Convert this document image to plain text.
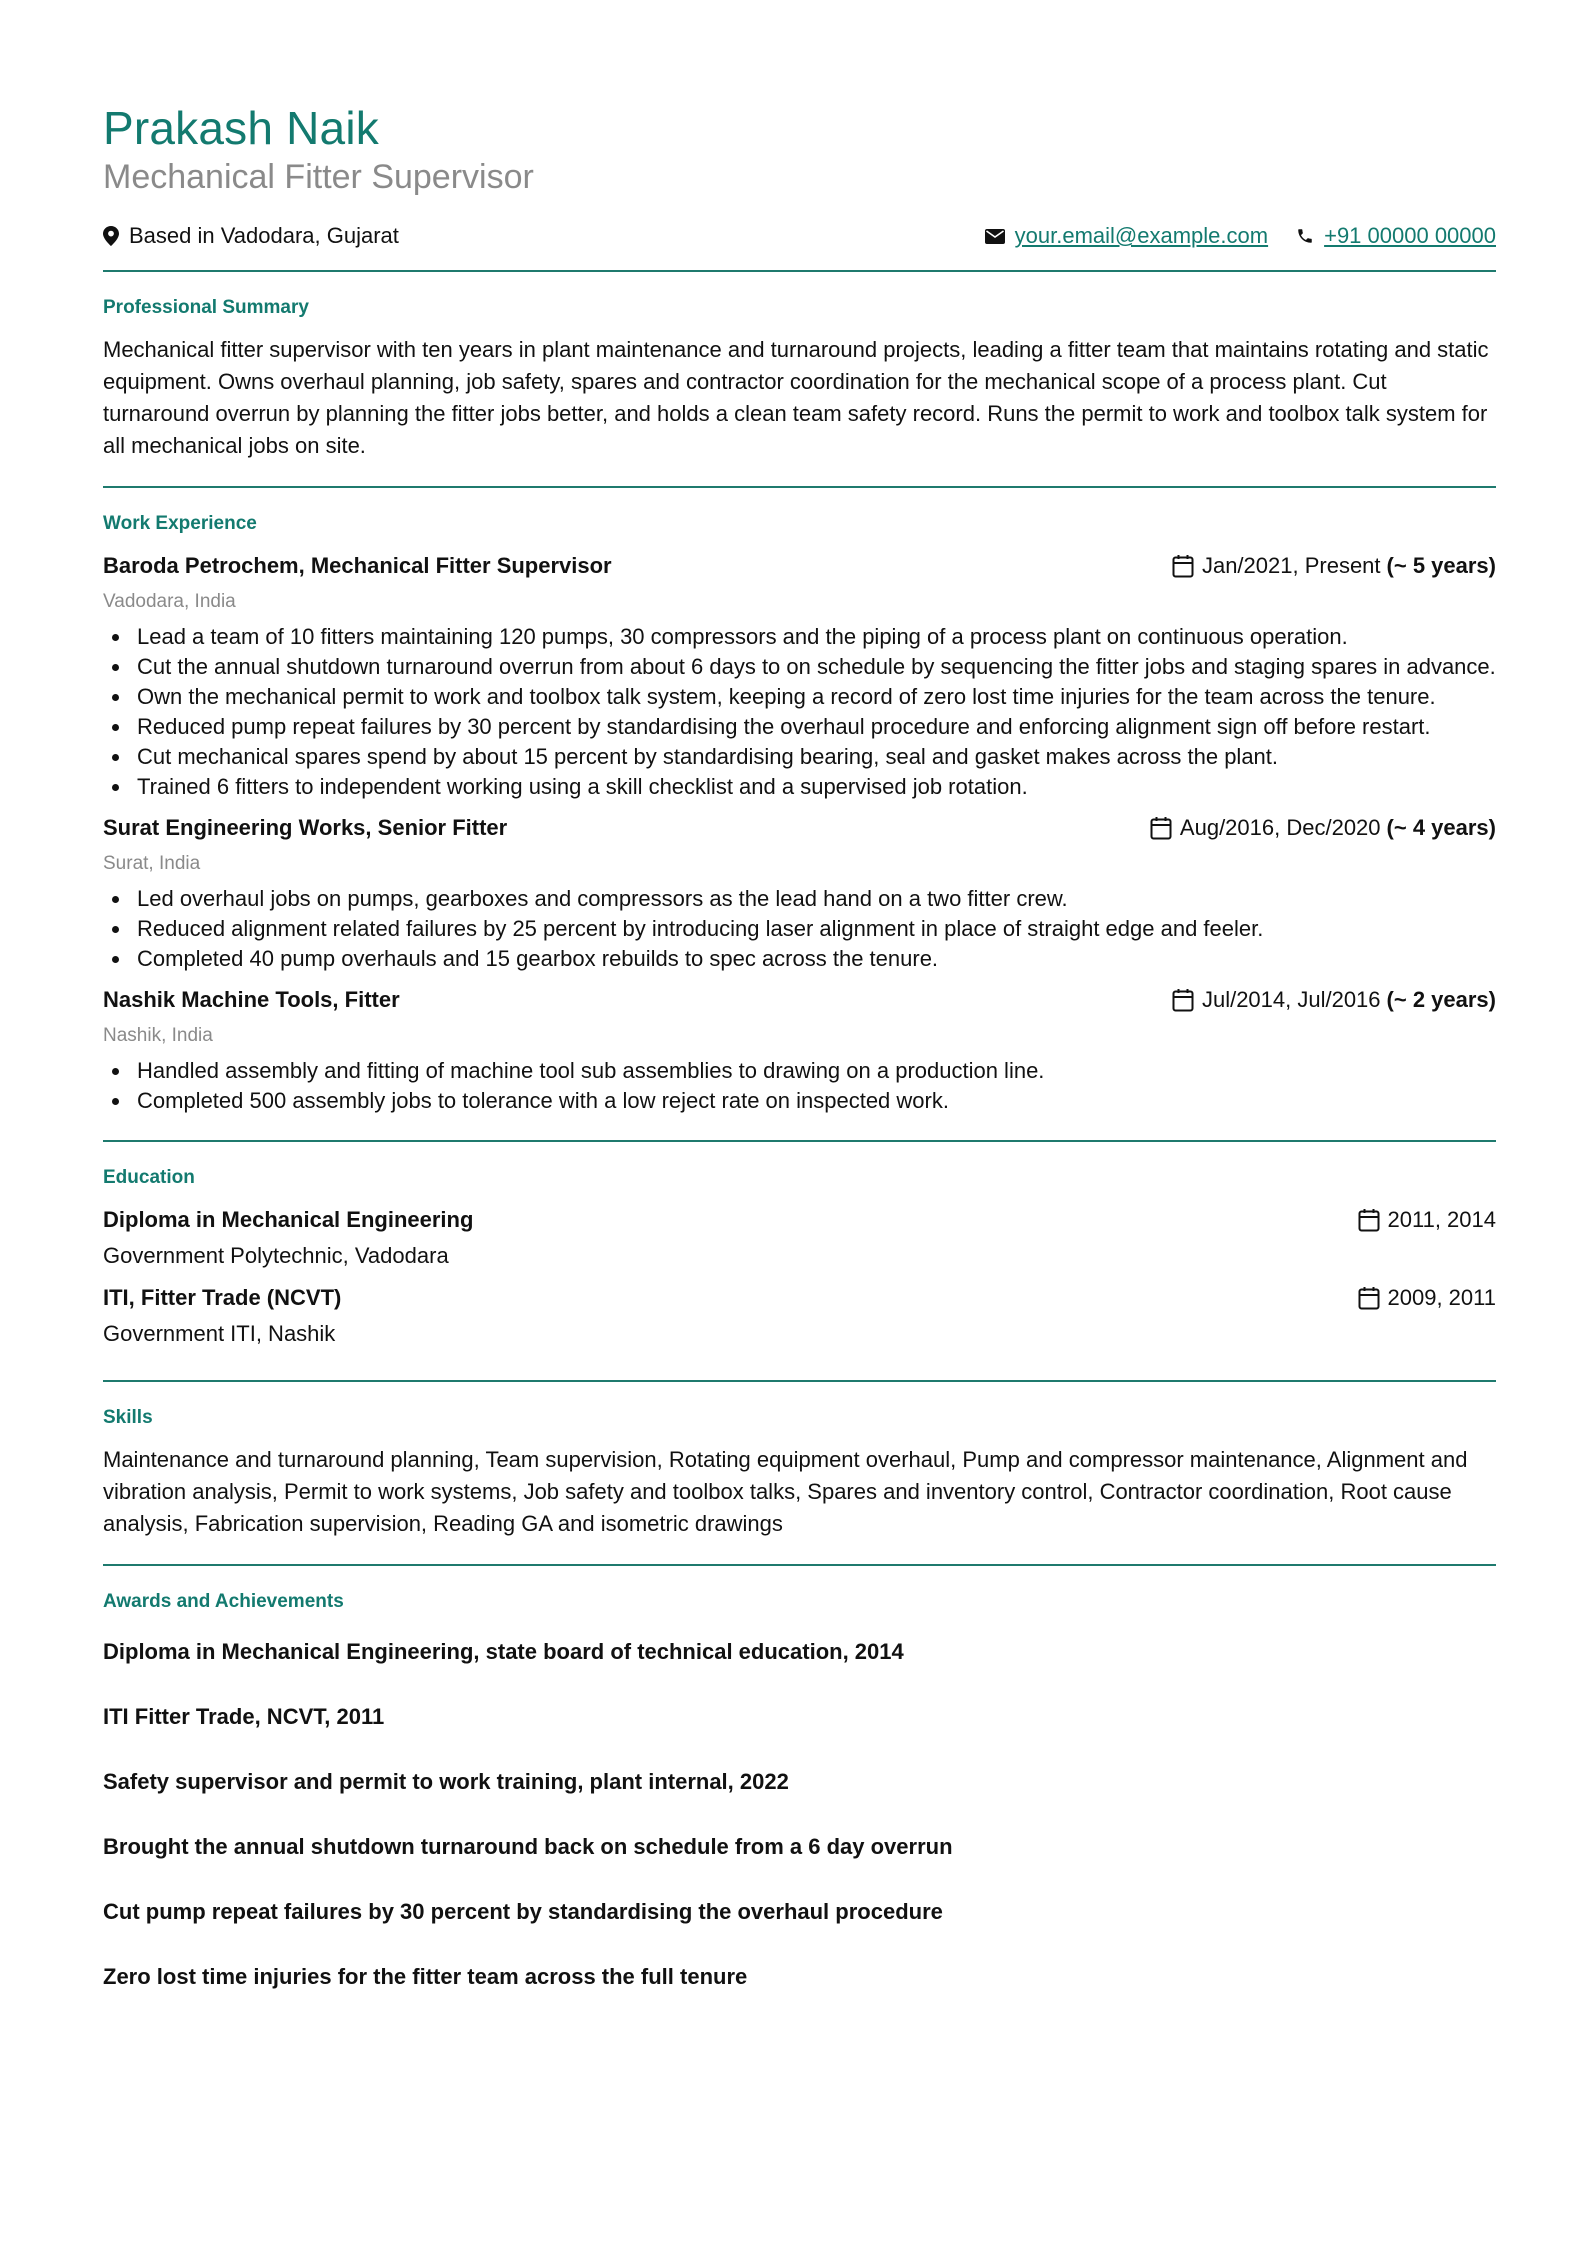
Prakash Naik
Mechanical Fitter Supervisor
Based in Vadodara, Gujarat	your.email@example.com	+91 00000 00000
Professional Summary
Mechanical fitter supervisor with ten years in plant maintenance and turnaround projects, leading a fitter team that maintains rotating and static equipment. Owns overhaul planning, job safety, spares and contractor coordination for the mechanical scope of a process plant. Cut turnaround overrun by planning the fitter jobs better, and holds a clean team safety record. Runs the permit to work and toolbox talk system for all mechanical jobs on site.
Work Experience
Baroda Petrochem, Mechanical Fitter Supervisor	Jan/2021, Present (~ 5 years)
Vadodara, India
Lead a team of 10 fitters maintaining 120 pumps, 30 compressors and the piping of a process plant on continuous operation.
Cut the annual shutdown turnaround overrun from about 6 days to on schedule by sequencing the fitter jobs and staging spares in advance.
Own the mechanical permit to work and toolbox talk system, keeping a record of zero lost time injuries for the team across the tenure.
Reduced pump repeat failures by 30 percent by standardising the overhaul procedure and enforcing alignment sign off before restart.
Cut mechanical spares spend by about 15 percent by standardising bearing, seal and gasket makes across the plant.
Trained 6 fitters to independent working using a skill checklist and a supervised job rotation.
Surat Engineering Works, Senior Fitter	Aug/2016, Dec/2020 (~ 4 years)
Surat, India
Led overhaul jobs on pumps, gearboxes and compressors as the lead hand on a two fitter crew.
Reduced alignment related failures by 25 percent by introducing laser alignment in place of straight edge and feeler.
Completed 40 pump overhauls and 15 gearbox rebuilds to spec across the tenure.
Nashik Machine Tools, Fitter	Jul/2014, Jul/2016 (~ 2 years)
Nashik, India
Handled assembly and fitting of machine tool sub assemblies to drawing on a production line.
Completed 500 assembly jobs to tolerance with a low reject rate on inspected work.
Education
Diploma in Mechanical Engineering	2011, 2014
Government Polytechnic, Vadodara
ITI, Fitter Trade (NCVT)	2009, 2011
Government ITI, Nashik
Skills
Maintenance and turnaround planning, Team supervision, Rotating equipment overhaul, Pump and compressor maintenance, Alignment and vibration analysis, Permit to work systems, Job safety and toolbox talks, Spares and inventory control, Contractor coordination, Root cause analysis, Fabrication supervision, Reading GA and isometric drawings
Awards and Achievements
Diploma in Mechanical Engineering, state board of technical education, 2014
ITI Fitter Trade, NCVT, 2011
Safety supervisor and permit to work training, plant internal, 2022
Brought the annual shutdown turnaround back on schedule from a 6 day overrun
Cut pump repeat failures by 30 percent by standardising the overhaul procedure
Zero lost time injuries for the fitter team across the full tenure
